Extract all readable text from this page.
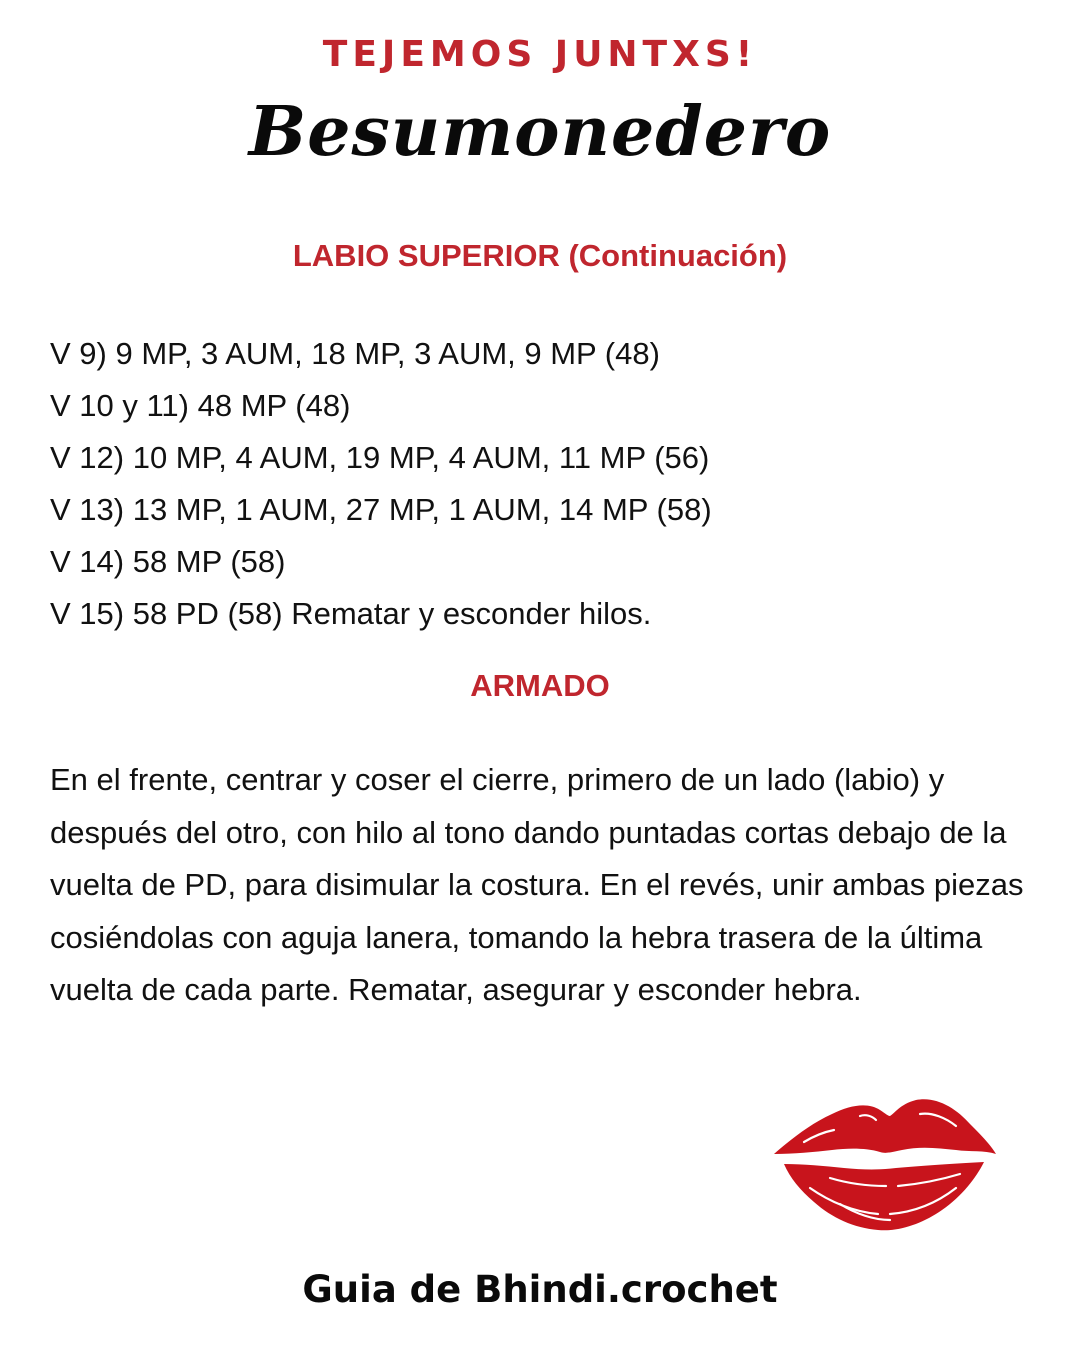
TEJEMOS JUNTXS!
Besumonedero
LABIO SUPERIOR (Continuación)
V 9) 9 MP, 3 AUM, 18 MP, 3 AUM, 9 MP (48)
V 10 y 11) 48 MP (48)
V 12) 10 MP, 4 AUM, 19 MP, 4 AUM, 11 MP (56)
V 13) 13 MP, 1 AUM, 27 MP, 1 AUM, 14 MP (58)
V 14) 58 MP (58)
V 15) 58 PD (58) Rematar y esconder hilos.
ARMADO

En el frente, centrar y coser el cierre, primero de un lado (labio) y después del otro, con hilo al tono dando puntadas cortas debajo de la vuelta de PD, para disimular la costura. En el revés, unir ambas piezas cosiéndolas con aguja lanera, tomando la hebra trasera de la última vuelta de cada parte. Rematar, asegurar y esconder hebra.

Guia de Bhindi.crochet
